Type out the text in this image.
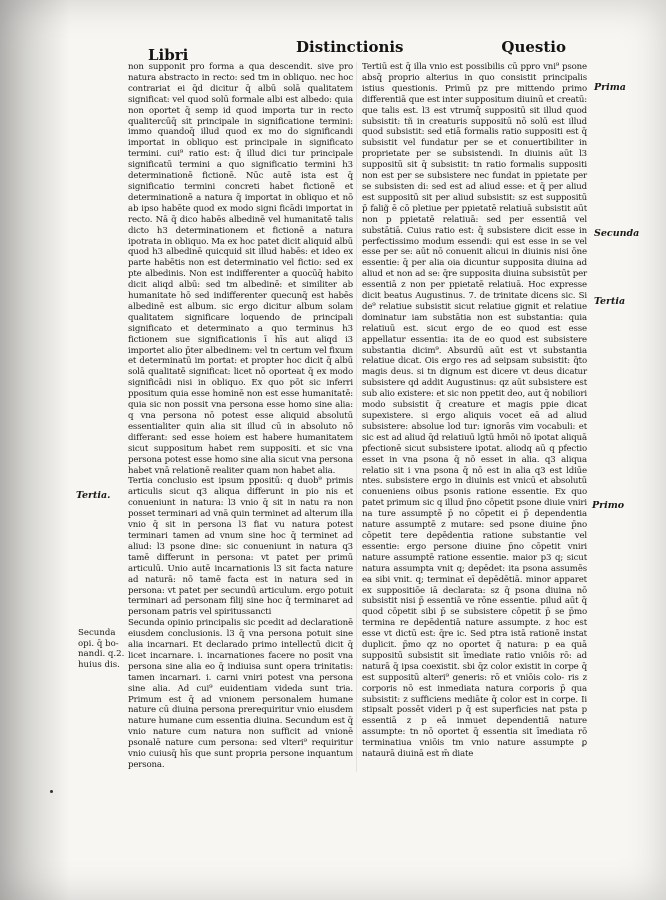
Libri	Distinctionis	Questio

non supponit pro forma a qua descendit. sive pro natura abstracto in recto: sed tm in obliquo. nec hoc contrariat ei q̄d dicitur q̄ albū solā qualitatem significat: vel quod solū formale albi est albedo: quia non oportet q̄ semp id quod importa tur in recto qualitercūq̄ sit principale in significatione termini: immo quandoq̄ illud quod ex mo do significandi importat in obliquo est principale in significato termini. cui⁹ ratio est: q̄ illud dici tur principale significatū termini a quo significatio termini h3 determinationē fictionē. Nūc autē ista est q̄ significatio termini concreti habet fictionē et determinationē a natura q̄ importat in obliquo et nō ab ipso habēte quod ex modo signi ficādi importat in recto. Nā q̄ dico habēs albedinē vel humanitatē talis dicto h3 determinationem et fictionē a natura ipotrata in obliquo. Ma ex hoc patet dicit aliquid albū quod h3 albedinē quicquid sit illud habēs: et ideo ex parte habētis non est determinatio vel fictio: sed ex pte albedinis. Non est indifferenter a quocūq̄ habito dicit aliqd albū: sed tm albedinē: et similiter ab humanitate hō sed indifferenter quecunq̄ est habēs albedinē est album. sic ergo dicitur album solam qualitatem significare loquendo de principali significato et determinato a quo terminus h3 fictionem sue significationis ī hīs aut aliqd i3 importet alio p̄ter albedinem: vel tn certum vel fixum et determinatū im portat: et propter hoc dicit q̄ albū solā qualitatē significat: licet nō oporteat q̄ ex modo significādi nisi in obliquo. Ex quo pōt sic inferri ppositum quia esse hominē non est esse humanitatē: quia sic non possit vna persona esse homo sine alia: q vna persona nō potest esse aliquid absolutū essentialiter quin alia sit illud cū in absoluto nō differant: sed esse hoiem est habere humanitatem sicut suppositum habet rem suppositi. et sic vna persona potest esse homo sine alia sicut vna persona habet vnā relationē realiter quam non habet alia.

Tertia conclusio est ipsum ppositū: q duob⁹ primis articulis sicut q3 aliqua differunt in pio nis et conueniunt in natura: l3 vnio q̄ sit in natu ra non posset terminari ad vnā quin terminet ad alterum illa vnio q̄ sit in persona l3 fiat vu natura potest terminari tamen ad vnum sine hoc q̄ terminet ad aliud: l3 psone dine: sic conueniunt in natura q3 tamē differunt in persona: vt patet per primū articulū. Unio autē incarnationis l3 sit facta nature ad naturā: nō tamē facta est in natura sed in persona: vt patet per secundū articulum. ergo potuit terminari ad personam filij sine hoc q̄ terminaret ad personam patris vel spiritussancti

Secunda opinio principalis sic pcedit ad declarationē eiusdem conclusionis. l3 q̄ vna persona potuit sine alia incarnari. Et declarado primo intellectū dicit q̄ licet incarnare. i. incarnationes facere no posit vna persona sine alia eo q̄ indiuisa sunt opera trinitatis: tamen incarnari. i. carni vniri potest vna persona sine alia. Ad cui⁹ euidentiam videda sunt tria. Primum est q̄ ad vnionem personalem humane nature cū diuina persona prerequiritur vnio eiusdem nature humane cum essentia diuina. Secundum est q̄ vnio nature cum natura non sufficit ad vnionē psonalē nature cum persona: sed vlteri⁹ requiritur vnio cuiusq̄ hīs que sunt propria persone inquantum persona.

Tertiū est q̄ illa vnio est possibilis cū ppro vni⁹ psone absq̄ proprio alterius in quo consistit principalis istius questionis. Primū pz pre mittendo primo differentiā que est inter suppositum diuinū et creatū: que talis est. l3 est vtrumq̄ suppositū sit illud quod subsistit: tñ in creaturis suppositū nō solū est illud quod subsistit: sed etiā formalis ratio suppositi est q̄ subsistit vel fundatur per se et conuertibiliter in proprietate per se subsistendi. In diuinis aūt l3 suppositū sit q̄ subsistit: tn ratio formalis suppositi non est per se subsistere nec fundat in ppietate per se subsisten di: sed est ad aliud esse: et q̄ per aliud est suppositū sit per aliud subsistit: sz est suppositū p̄ falig̃ ē cō pletiue per ppietatē relatiuā subsistit aūt non p ppietatē relatiuā: sed per essentiā vel substātiā. Cuius ratio est: q̄ subsistere dicit esse in perfectissimo modum essendi: qui est esse in se vel esse per se: aūt nō conuenit alicui in diuinis nisi ōne essentie: q̄ per alia oia dicuntur supposita diuina ad aliud et non ad se: q̄re supposita diuina subsistūt per essentiā z non per ppietatē relatiuā. Hoc expresse dicit beatus Augustinus. 7. de trinitate dicens sic. Si de⁹ relatiue subsistit sicut relatiue gignit et relatiue dominatur iam substātia non est substantia: quia relatiuū est. sicut ergo de eo quod est esse appellatur essentia: ita de eo quod est subsistere substantia dicim⁹. Absurdū aūt est vt substantia relatiue dicat. Ois ergo res ad seipsam subsistit: q̄to magis deus. si tn dignum est dicere vt deus dicatur subsistere qd addit Augustinus: qz aūt subsistere est sub alio existere: et sic non ppetit deo, aut q̄ nobiliori modo subsistit q̄ creature et magis ppie dicat supexistere. si ergo aliquis vocet eā ad aliud subsistere: absolue lod tur: ignorās vim vocabuli: et sic est ad aliud q̄d relatiuū lgtū hmōi nō ipotat aliquā pfectionē sicut subsistere ipotat. aliodq aū q pfectio esset in vna psona q̄ nō esset in alia. q3 aliqua relatio sit i vna psona q̄ nō est in alia q3 est ldiūe ntes. subsistere ergo in diuinis est vnicū et absolutū conueniens oibus psonis ratione essentie. Ex quo patet primum sic q illud p̄no cōpetit psone diuie vniri na ture assumptē p̄ no cōpetit ei p̄ dependentia nature assumptē z mutare: sed psone diuine p̄no cōpetit tere depēdentia ratione substantie vel essentie: ergo persone diuine p̄no cōpetit vniri nature assumptē ratione essentie. maior p3 q; sicut natura assumpta vnit q; depēdet: ita psona assumēs ea sibi vnit. q; terminat eī depēdētiā. minor apparet ex suppositiōe iā declarata: sz q̄ psona diuina nō subsistit nisi p̄ essentiā ve rōne essentie. pilud aūt q̄ quod cōpetit sibi p̄ se subsistere cōpetit p̄ se p̄mo termina re depēdentiā nature assumpte. z hoc est esse vt dictū est: q̄re ic. Sed ptra istā rationē instat duplicit. p̄mo qz no oportet q̄ natura: p ea quā suppositū subsistit sit īmediate ratio vniōis rō: ad naturā q̄ ipsa coexistit. sbi q̄z color existit in corpe q̄ est suppositū alteri⁹ generis: rō et vniōis colo‑ ris z corporis nō est inmediata natura corporis p̄ qua subsistit: z sufficiens mediāte q̄ color est in corpe. Ii stipsalt possēt videri p q̄ est superficies nat psta p essentiā z p eā inmuet dependentiā nature assumpte: tn nō oportet q̄ essentia sit īmediata rō terminatiua vniōis tm vnio nature assumpte ꝑ nataurā diuinā est m̄ diate

Tertia.
Secunda opi. q̄ bo‑ nandi. q.2. huius dis.
Prima
Secunda
Tertia
Primo
